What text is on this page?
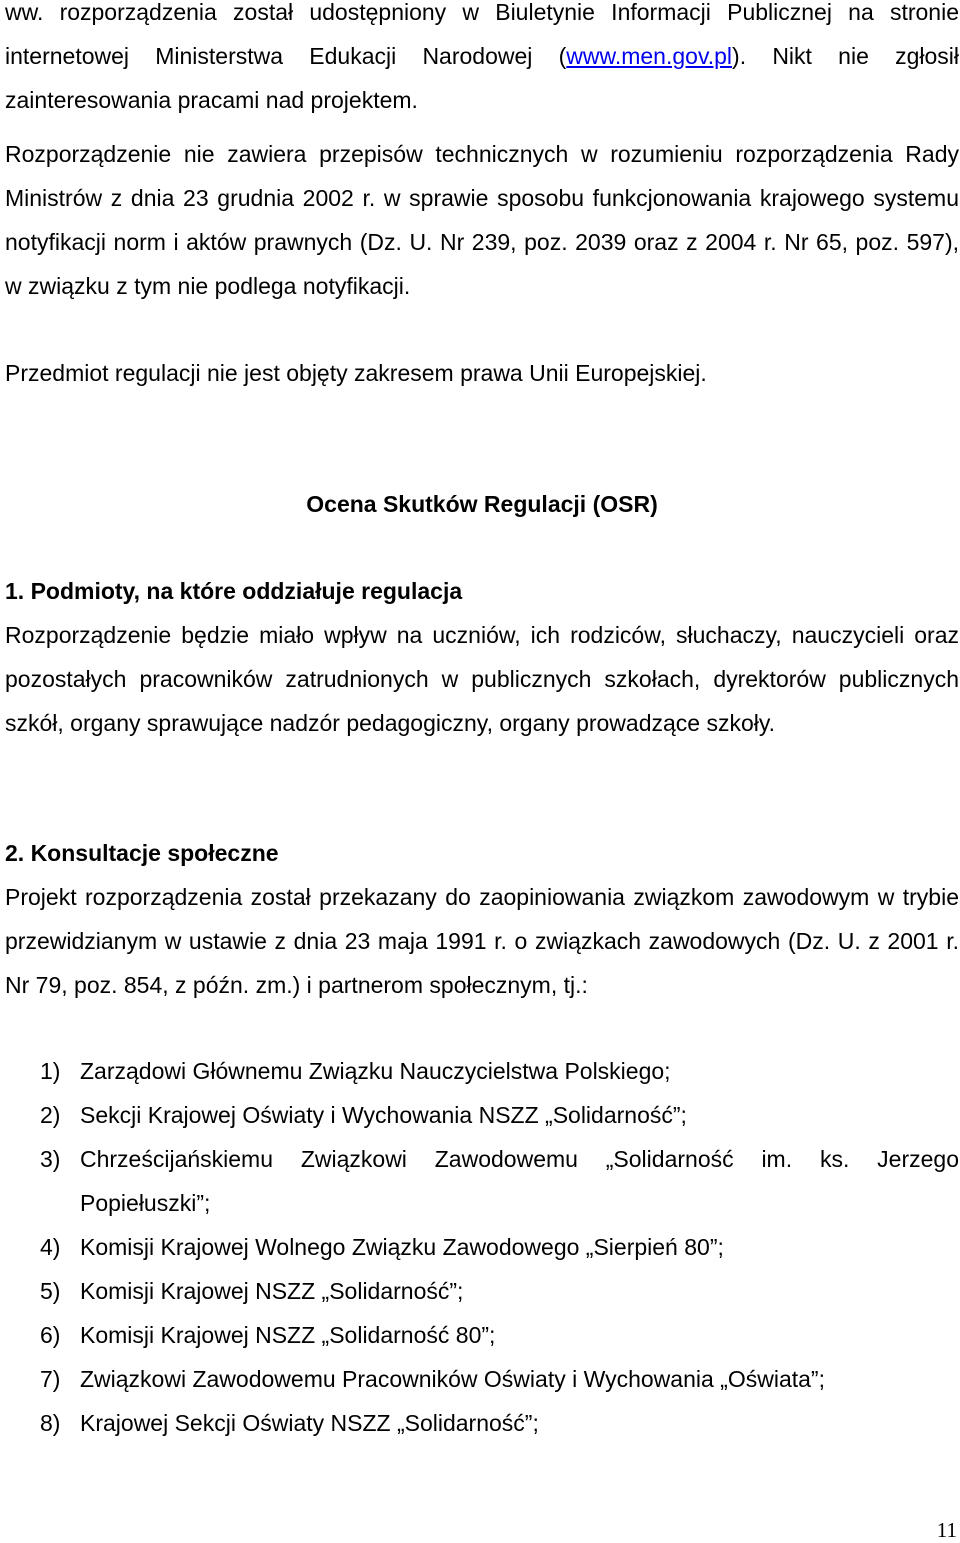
ww. rozporządzenia został udostępniony w Biuletynie Informacji Publicznej na stronie internetowej Ministerstwa Edukacji Narodowej (www.men.gov.pl). Nikt nie zgłosił zainteresowania pracami nad projektem.

Rozporządzenie nie zawiera przepisów technicznych w rozumieniu rozporządzenia Rady Ministrów z dnia 23 grudnia 2002 r. w sprawie sposobu funkcjonowania krajowego systemu notyfikacji norm i aktów prawnych (Dz. U. Nr 239, poz. 2039 oraz z 2004 r. Nr 65, poz. 597), w związku z tym nie podlega notyfikacji.

Przedmiot regulacji nie jest objęty zakresem prawa Unii Europejskiej.

Ocena Skutków Regulacji (OSR)

1. Podmioty, na które oddziałuje regulacja

Rozporządzenie będzie miało wpływ na uczniów, ich rodziców, słuchaczy, nauczycieli oraz pozostałych pracowników zatrudnionych w publicznych szkołach, dyrektorów publicznych szkół, organy sprawujące nadzór pedagogiczny, organy prowadzące szkoły.

2. Konsultacje społeczne

Projekt rozporządzenia został przekazany do zaopiniowania związkom zawodowym w trybie przewidzianym w ustawie z dnia 23 maja 1991 r. o związkach zawodowych (Dz. U. z 2001 r. Nr 79, poz. 854, z późn. zm.) i partnerom społecznym, tj.:

1) Zarządowi Głównemu Związku Nauczycielstwa Polskiego;
2) Sekcji Krajowej Oświaty i Wychowania NSZZ „Solidarność”;
3) Chrześcijańskiemu Związkowi Zawodowemu „Solidarność im. ks. Jerzego Popiełuszki”;
4) Komisji Krajowej Wolnego Związku Zawodowego „Sierpień 80”;
5) Komisji Krajowej NSZZ „Solidarność”;
6) Komisji Krajowej NSZZ „Solidarność 80”;
7) Związkowi Zawodowemu Pracowników Oświaty i Wychowania „Oświata”;
8) Krajowej Sekcji Oświaty NSZZ „Solidarność”;
11
